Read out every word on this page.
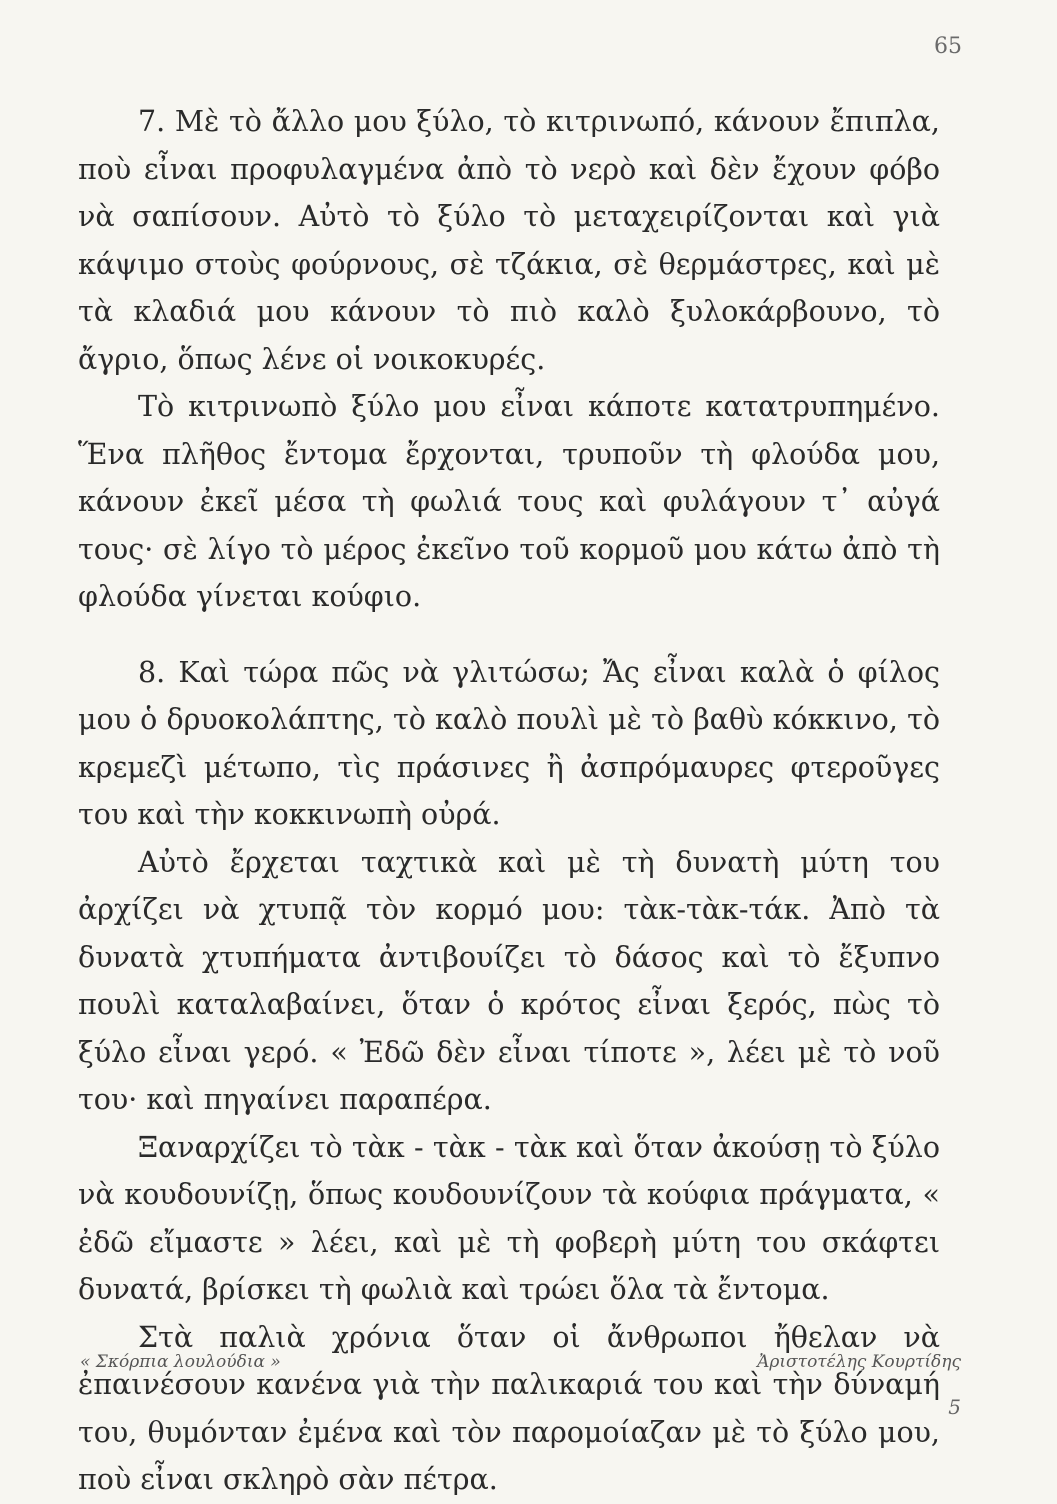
65

7. Μὲ τὸ ἄλλο μου ξύλο, τὸ κιτρινωπό, κάνουν ἔπιπλα, ποὺ εἶναι προφυλαγμένα ἀπὸ τὸ νερὸ καὶ δὲν ἔχουν φόβο νὰ σαπίσουν. Αὐτὸ τὸ ξύλο τὸ μεταχειρίζονται καὶ γιὰ κάψιμο στοὺς φούρνους, σὲ τζάκια, σὲ θερμάστρες, καὶ μὲ τὰ κλαδιά μου κάνουν τὸ πιὸ καλὸ ξυλοκάρβουνο, τὸ ἄγριο, ὅπως λένε οἱ νοικοκυρές.

Τὸ κιτρινωπὸ ξύλο μου εἶναι κάποτε κατατρυπημένο. Ἕνα πλῆθος ἔντομα ἔρχονται, τρυποῦν τὴ φλούδα μου, κάνουν ἐκεῖ μέσα τὴ φωλιά τους καὶ φυλάγουν τ᾿ αὐγά τους· σὲ λίγο τὸ μέρος ἐκεῖνο τοῦ κορμοῦ μου κάτω ἀπὸ τὴ φλούδα γίνεται κούφιο.

8. Καὶ τώρα πῶς νὰ γλιτώσω; Ἄς εἶναι καλὰ ὁ φίλος μου ὁ δρυοκολάπτης, τὸ καλὸ πουλὶ μὲ τὸ βαθὺ κόκκινο, τὸ κρεμεζὶ μέτωπο, τὶς πράσινες ἢ ἀσπρόμαυρες φτεροῦγες του καὶ τὴν κοκκινωπὴ οὐρά.

Αὐτὸ ἔρχεται ταχτικὰ καὶ μὲ τὴ δυνατὴ μύτη του ἀρχίζει νὰ χτυπᾷ τὸν κορμό μου: τὰκ-τὰκ-τάκ. Ἀπὸ τὰ δυνατὰ χτυπήματα ἀντιβουίζει τὸ δάσος καὶ τὸ ἔξυπνο πουλὶ καταλαβαίνει, ὅταν ὁ κρότος εἶναι ξερός, πὼς τὸ ξύλο εἶναι γερό. « Ἐδῶ δὲν εἶναι τίποτε », λέει μὲ τὸ νοῦ του· καὶ πηγαίνει παραπέρα.

Ξαναρχίζει τὸ τὰκ - τὰκ - τὰκ καὶ ὅταν ἀκούσῃ τὸ ξύλο νὰ κουδουνίζῃ, ὅπως κουδουνίζουν τὰ κούφια πράγματα, « ἐδῶ εἴμαστε » λέει, καὶ μὲ τὴ φοβερὴ μύτη του σκάφτει δυνατά, βρίσκει τὴ φωλιὰ καὶ τρώει ὅλα τὰ ἔντομα.

Στὰ παλιὰ χρόνια ὅταν οἱ ἄνθρωποι ἤθελαν νὰ ἐπαινέσουν κανένα γιὰ τὴν παλικαριά του καὶ τὴν δύναμή του, θυμόνταν ἐμένα καὶ τὸν παρομοίαζαν μὲ τὸ ξύλο μου, ποὺ εἶναι σκληρὸ σὰν πέτρα.

« Σκόρπια λουλούδια »	Ἀριστοτέλης Κουρτίδης
5
